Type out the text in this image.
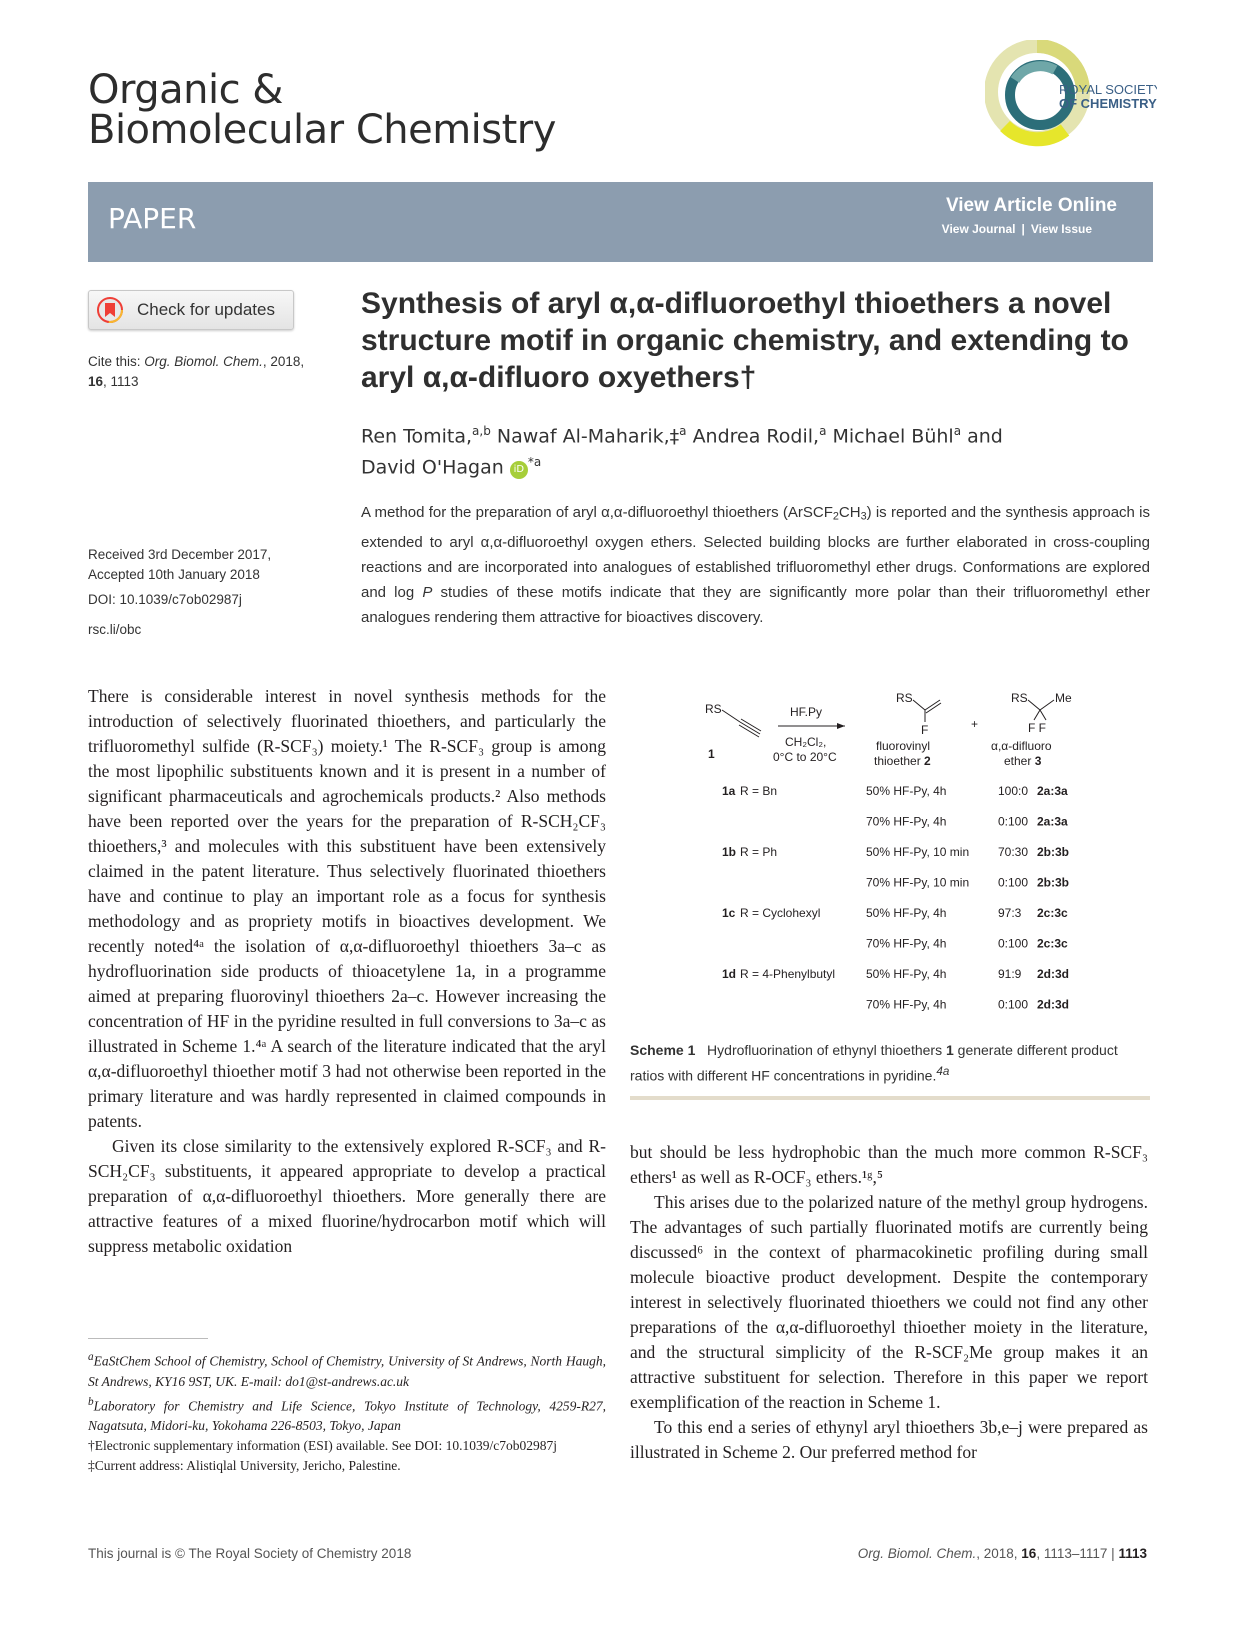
Organic &
Biomolecular Chemistry
ROYAL SOCIETY
OF CHEMISTRY
PAPER	View Article Online
View Journal | View Issue
Check for updates
Cite this: Org. Biomol. Chem., 2018,
16, 1113
Synthesis of aryl α,α-difluoroethyl thioethers a novel structure motif in organic chemistry, and extending to aryl α,α-difluoro oxyethers†
Ren Tomita,$^{a,b}$ Nawaf Al-Maharik,‡$^a$ Andrea Rodil,$^a$ Michael Bühl$^a$ and
David O'Hagan iD $^{*a}$
A method for the preparation of aryl α,α-difluoroethyl thioethers $(ArSCF_2CH_3)$ is reported and the synthesis approach is extended to aryl α,α-difluoroethyl oxygen ethers. Selected building blocks are further elaborated in cross-coupling reactions and are incorporated into analogues of established trifluoromethyl ether drugs. Conformations are explored and log P studies of these motifs indicate that they are significantly more polar than their trifluoromethyl ether analogues rendering them attractive for bioactives discovery.
Received 3rd December 2017,
Accepted 10th January 2018
DOI: 10.1039/c7ob02987j
rsc.li/obc

There is considerable interest in novel synthesis methods for the introduction of selectively fluorinated thioethers, and particularly the trifluoromethyl sulfide (R-SCF₃) moiety.¹ The R-SCF₃ group is among the most lipophilic substituents known and it is present in a number of significant pharmaceuticals and agrochemicals products.² Also methods have been reported over the years for the preparation of R-SCH₂CF₃ thioethers,³ and molecules with this substituent have been extensively claimed in the patent literature. Thus selectively fluorinated thioethers have and continue to play an important role as a focus for synthesis methodology and as propriety motifs in bioactives development. We recently noted⁴ᵃ the isolation of α,α-difluoroethyl thioethers 3a–c as hydrofluorination side products of thioacetylene 1a, in a programme aimed at preparing fluorovinyl thioethers 2a–c. However increasing the concentration of HF in the pyridine resulted in full conversions to 3a–c as illustrated in Scheme 1.⁴ᵃ A search of the literature indicated that the aryl α,α-difluoroethyl thioether motif 3 had not otherwise been reported in the primary literature and was hardly represented in claimed compounds in patents.

Given its close similarity to the extensively explored R-SCF₃ and R-SCH₂CF₃ substituents, it appeared appropriate to develop a practical preparation of α,α-difluoroethyl thioethers. More generally there are attractive features of a mixed fluorine/hydrocarbon motif which will suppress metabolic oxidation

$^a$EaStChem School of Chemistry, School of Chemistry, University of St Andrews, North Haugh, St Andrews, KY16 9ST, UK. E-mail: do1@st-andrews.ac.uk

$^b$Laboratory for Chemistry and Life Science, Tokyo Institute of Technology, 4259-R27, Nagatsuta, Midori-ku, Yokohama 226-8503, Tokyo, Japan

†Electronic supplementary information (ESI) available. See DOI: 10.1039/c7ob02987j

‡Current address: Alistiqlal University, Jericho, Palestine.

RS
1
HF.Py
CH₂Cl₂,
0°C to 20°C
RS
F
fluorovinyl
thioether 2
+
RS Me
F F
α,α-difluoro
ether 3
1a R = Bn	50% HF-Py, 4h	100:0 2a:3a
70% HF-Py, 4h	0:100 2a:3a
1b R = Ph	50% HF-Py, 10 min 70:30 2b:3b
70% HF-Py, 10 min 0:100 2b:3b
1c R = Cyclohexyl	50% HF-Py, 4h	97:3 2c:3c
70% HF-Py, 4h	0:100 2c:3c
1d R = 4-Phenylbutyl	50% HF-Py, 4h	91:9 2d:3d
70% HF-Py, 4h	0:100 2d:3d
Scheme 1 Hydrofluorination of ethynyl thioethers 1 generate different product ratios with different HF concentrations in pyridine.$^{4a}$

but should be less hydrophobic than the much more common R-SCF₃ ethers¹ as well as R-OCF₃ ethers.¹ᵍ,⁵

This arises due to the polarized nature of the methyl group hydrogens. The advantages of such partially fluorinated motifs are currently being discussed⁶ in the context of pharmacokinetic profiling during small molecule bioactive product development. Despite the contemporary interest in selectively fluorinated thioethers we could not find any other preparations of the α,α-difluoroethyl thioether moiety in the literature, and the structural simplicity of the R-SCF₂Me group makes it an attractive substituent for selection. Therefore in this paper we report exemplification of the reaction in Scheme 1.

To this end a series of ethynyl aryl thioethers 3b,e–j were prepared as illustrated in Scheme 2. Our preferred method for

This journal is © The Royal Society of Chemistry 2018	Org. Biomol. Chem., 2018, 16, 1113–1117 | 1113
